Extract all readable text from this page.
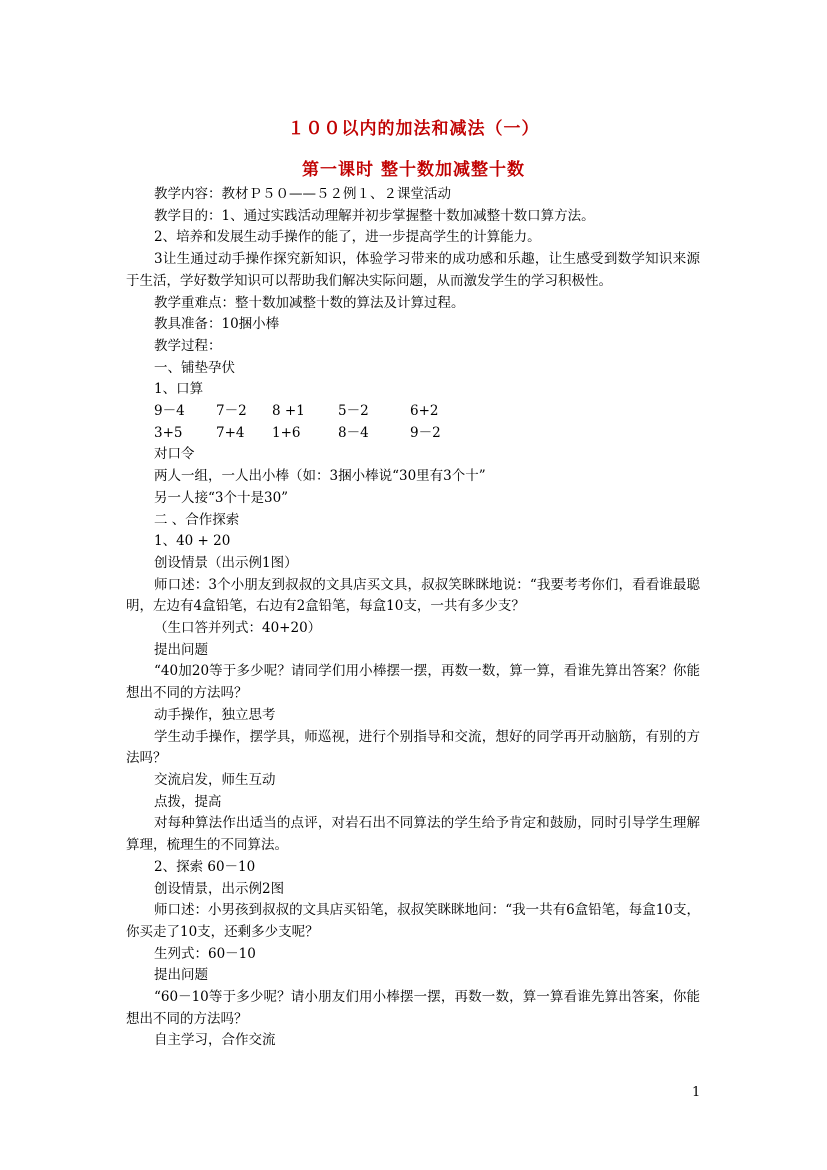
１００以内的加法和减法（一）
第一课时 整十数加减整十数

教学内容：教材Ｐ５０——５２例１、２课堂活动

教学目的：1、通过实践活动理解并初步掌握整十数加减整十数口算方法。

2、培养和发展生动手操作的能了，进一步提高学生的计算能力。

3让生通过动手操作探究新知识，体验学习带来的成功感和乐趣，让生感受到数学知识来源于生活，学好数学知识可以帮助我们解决实际问题，从而激发学生的学习积极性。

教学重难点：整十数加减整十数的算法及计算过程。

教具准备：10捆小棒

教学过程：

一、铺垫孕伏

1、口算

9－4	7－2	8 +1	5－2	6+2
3+5	7+4	1+6	8－4	9－2

对口令

两人一组，一人出小棒（如：3捆小棒说“30里有3个十”

另一人接“3个十是30”

二 、合作探索

1、40 + 20

创设情景（出示例1图）

师口述：3个小朋友到叔叔的文具店买文具，叔叔笑眯眯地说：“我要考考你们，看看谁最聪明，左边有4盒铅笔，右边有2盒铅笔，每盒10支，一共有多少支？

（生口答并列式：40+20）

提出问题

“40加20等于多少呢？请同学们用小棒摆一摆，再数一数，算一算，看谁先算出答案？你能想出不同的方法吗？

动手操作，独立思考

学生动手操作，摆学具，师巡视，进行个别指导和交流，想好的同学再开动脑筋，有别的方法吗？

交流启发，师生互动

点拨，提高

对每种算法作出适当的点评，对岩石出不同算法的学生给予肯定和鼓励，同时引导学生理解算理，梳理生的不同算法。

2、探索 60－10

创设情景，出示例2图

师口述：小男孩到叔叔的文具店买铅笔，叔叔笑眯眯地问：“我一共有6盒铅笔，每盒10支，你买走了10支，还剩多少支呢？

生列式：60－10

提出问题

“60－10等于多少呢？请小朋友们用小棒摆一摆，再数一数，算一算看谁先算出答案，你能想出不同的方法吗？

自主学习，合作交流

1
